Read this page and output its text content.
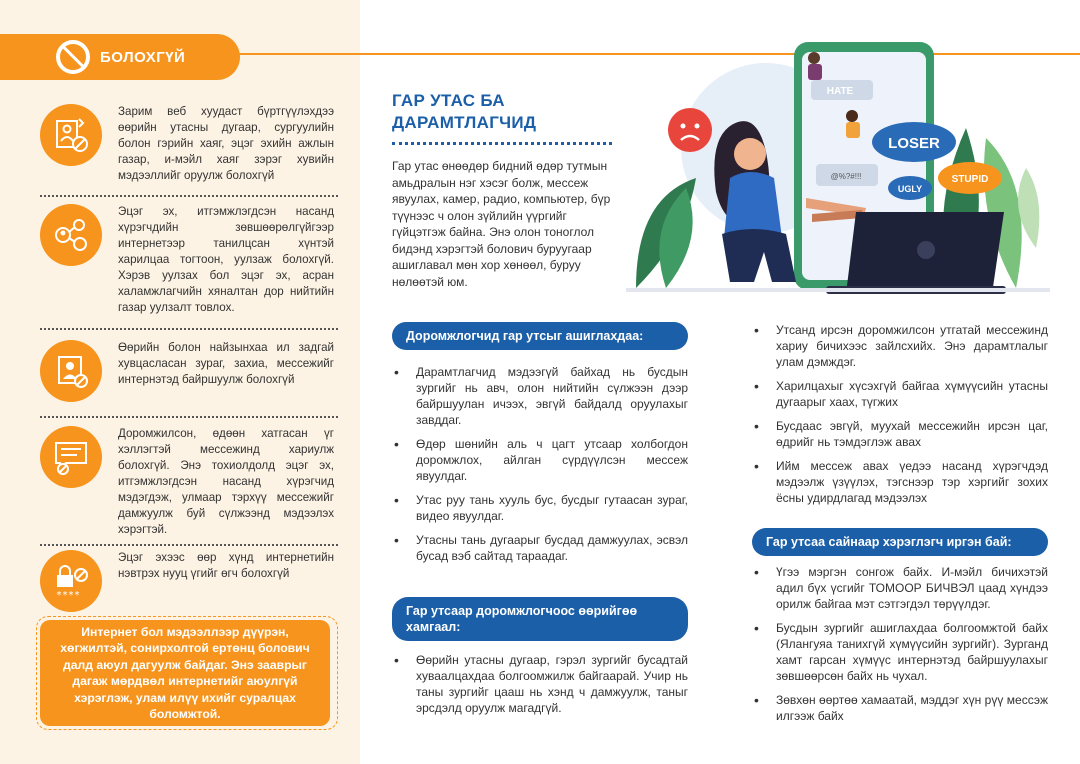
БОЛОХГҮЙ
Зарим веб хуудаст бүртгүүлэхдээ өөрийн утасны дугаар, сургуулийн болон гэрийн хаяг, эцэг эхийн ажлын газар, и-мэйл хаяг зэрэг хувийн мэдээллийг оруулж болохгүй
Эцэг эх, итгэмжлэгдсэн насанд хүрэгчдийн зөвшөөрөлгүйгээр интернетээр танилцсан хүнтэй харилцаа тогтоон, уулзаж болохгүй. Хэрэв уулзах бол эцэг эх, асран халамжлагчийн хяналтан дор нийтийн газар уулзалт товлох.
Өөрийн болон найзынхаа ил задгай хувцасласан зураг, захиа, мессежийг интернэтэд байршуулж болохгүй
Доромжилсон, өдөөн хатгасан үг хэллэгтэй мессежинд хариулж болохгүй. Энэ тохиолдолд эцэг эх, итгэмжлэгдсэн насанд хүрэгчид мэдэгдэж, улмаар тэрхүү мессежийг дамжуулж буй сүлжээнд мэдээлэх хэрэгтэй.
****
Эцэг эхээс өөр хүнд интернетийн нэвтрэх нууц үгийг өгч болохгүй
Интернет бол мэдээллээр дүүрэн, хөгжилтэй, сонирхолтой ертөнц болович далд аюул дагуулж байдаг. Энэ зааврыг дагаж мөрдвөл интернетийг аюулгүй хэрэглэж, улам илүү ихийг суралцах боломжтой.
ГАР УТАС БА ДАРАМТЛАГЧИД
Гар утас өнөөдөр бидний өдөр тутмын амьдралын нэг хэсэг болж, мессеж явуулах, камер, радио, компьютер, бүр түүнээс ч олон зүйлийн үүргийг гүйцэтгэж байна. Энэ олон тоноглол бидэнд хэрэгтэй болович буруугаар ашиглавал мөн хор хөнөөл, буруу нөлөөтэй юм.
Доромжлогчид гар утсыг ашиглахдаа:
• Дарамтлагчид мэдээгүй байхад нь бусдын зургийг нь авч, олон нийтийн сүлжээн дээр байршуулан ичээх, эвгүй байдалд оруулахыг завддаг.
• Өдөр шөнийн аль ч цагт утсаар холбогдон доромжлох, айлган сүрдүүлсэн мессеж явуулдаг.
• Утас руу тань хууль бус, бусдыг гутаасан зураг, видео явуулдаг.
• Утасны тань дугаарыг бусдад дамжуулах, эсвэл бусад вэб сайтад тараадаг.
Гар утсаар доромжлогчоос өөрийгөө хамгаал:
• Өөрийн утасны дугаар, гэрэл зургийг бусадтай хуваалцахдаа болгоомжилж байгаарай. Учир нь таны зургийг цааш нь хэнд ч дамжуулж, таныг эрсдэлд оруулж магадгүй.
• Утсанд ирсэн доромжилсон утгатай мессежинд хариу бичихээс зайлсхийх. Энэ дарамтлалыг улам дэмждэг.
• Харилцахыг хүсэхгүй байгаа хүмүүсийн утасны дугаарыг хаах, түгжих
• Бусдаас эвгүй, муухай мессежийн ирсэн цаг, өдрийг нь тэмдэглэж авах
• Ийм мессеж авах үедээ насанд хүрэгчдэд мэдээлж үзүүлэх, тэгснээр тэр хэргийг зохих ёсны удирдлагад мэдээлэх
Гар утсаа сайнаар хэрэглэгч иргэн бай:
• Үгээ мэргэн сонгож байх. И-мэйл бичихэтэй адил бүх үсгийг ТОМООР БИЧВЭЛ цаад хүндээ орилж байгаа мэт сэтгэгдэл төрүүлдэг.
• Бусдын зургийг ашиглахдаа болгоомжтой байх (Ялангуяа танихгүй хүмүүсийн зургийг). Зурганд хамт гарсан хүмүүс интернэтэд байршуулахыг зөвшөөрсөн байх нь чухал.
• Зөвхөн өөртөө хамаатай, мэддэг хүн рүү мессэж илгээж байх
HATE
@%?#!!!
LOSER
STUPID
UGLY
